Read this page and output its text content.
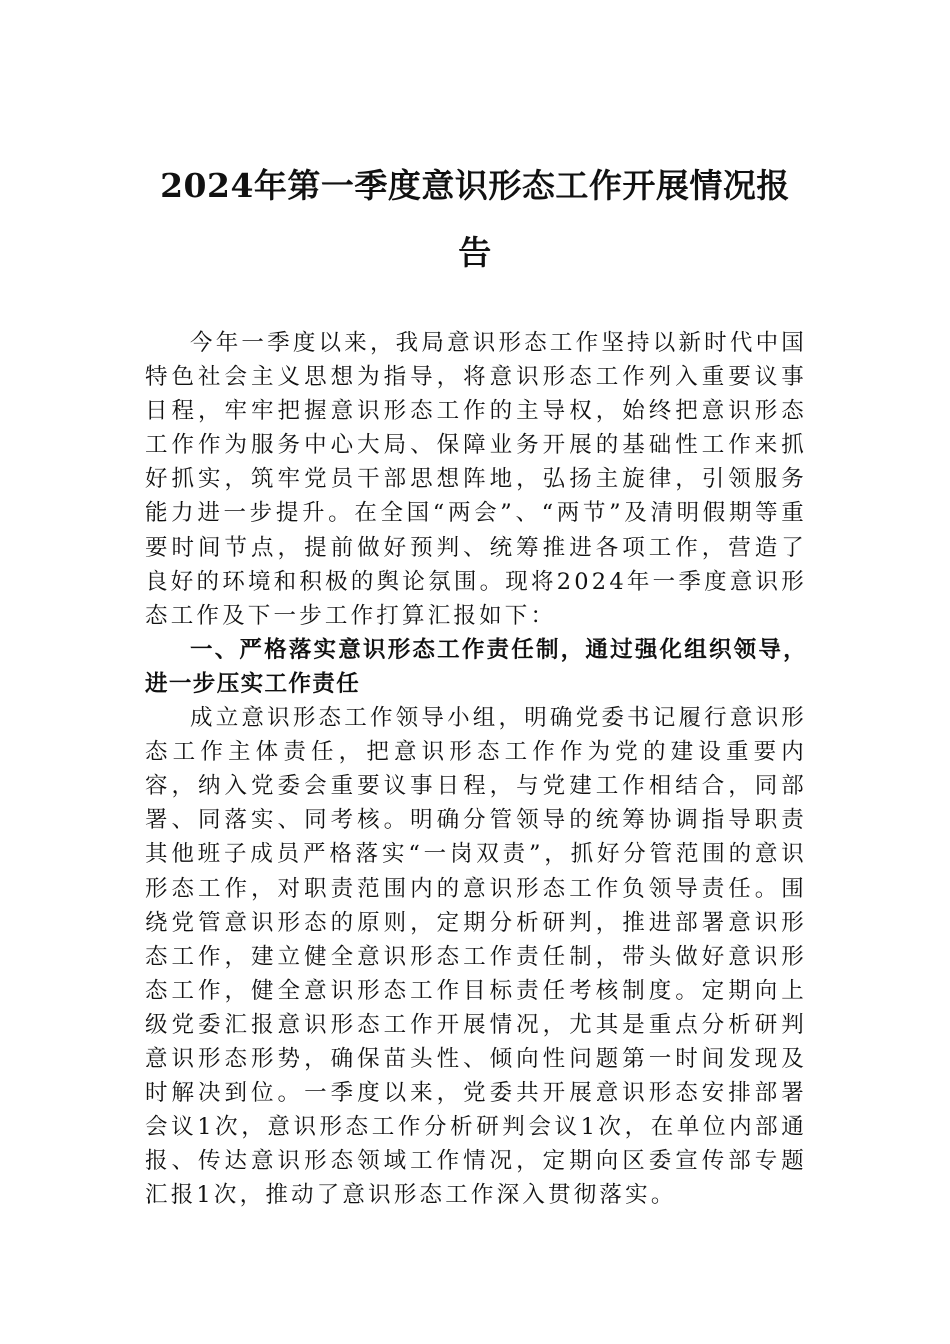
2024年第一季度意识形态工作开展情况报
告

今年一季度以来，我局意识形态工作坚持以新时代中国特色社会主义思想为指导，将意识形态工作列入重要议事日程，牢牢把握意识形态工作的主导权，始终把意识形态工作作为服务中心大局、保障业务开展的基础性工作来抓好抓实，筑牢党员干部思想阵地，弘扬主旋律，引领服务能力进一步提升。在全国“两会”、“两节”及清明假期等重要时间节点，提前做好预判、统筹推进各项工作，营造了良好的环境和积极的舆论氛围。现将2024年一季度意识形态工作及下一步工作打算汇报如下：

一、严格落实意识形态工作责任制，通过强化组织领导，进一步压实工作责任

成立意识形态工作领导小组，明确党委书记履行意识形态工作主体责任，把意识形态工作作为党的建设重要内容，纳入党委会重要议事日程，与党建工作相结合，同部署、同落实、同考核。明确分管领导的统筹协调指导职责其他班子成员严格落实“一岗双责”，抓好分管范围的意识形态工作，对职责范围内的意识形态工作负领导责任。围绕党管意识形态的原则，定期分析研判，推进部署意识形态工作，建立健全意识形态工作责任制，带头做好意识形态工作，健全意识形态工作目标责任考核制度。定期向上级党委汇报意识形态工作开展情况，尤其是重点分析研判意识形态形势，确保苗头性、倾向性问题第一时间发现及时解决到位。一季度以来，党委共开展意识形态安排部署会议1次，意识形态工作分析研判会议1次，在单位内部通报、传达意识形态领域工作情况，定期向区委宣传部专题汇报1次，推动了意识形态工作深入贯彻落实。
